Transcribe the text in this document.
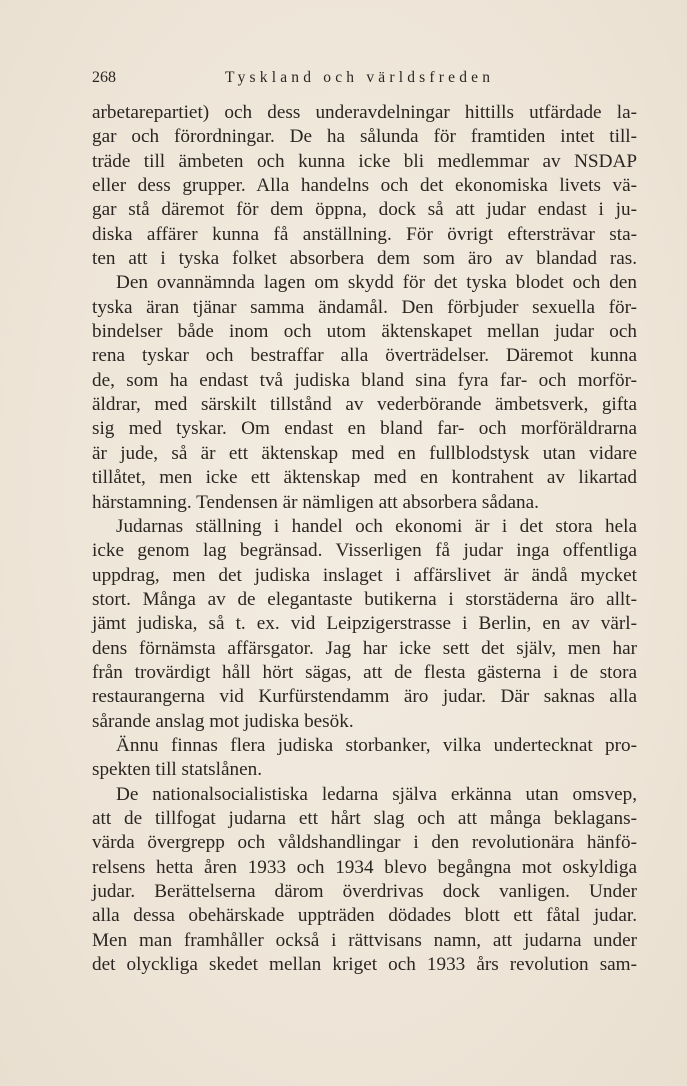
268	Tyskland och världsfreden
arbetarepartiet) och dess underavdelningar hittills utfärdade la-
gar och förordningar. De ha sålunda för framtiden intet till-
träde till ämbeten och kunna icke bli medlemmar av NSDAP
eller dess grupper. Alla handelns och det ekonomiska livets vä-
gar stå däremot för dem öppna, dock så att judar endast i ju-
diska affärer kunna få anställning. För övrigt eftersträvar sta-
ten att i tyska folket absorbera dem som äro av blandad ras.
Den ovannämnda lagen om skydd för det tyska blodet och den
tyska äran tjänar samma ändamål. Den förbjuder sexuella för-
bindelser både inom och utom äktenskapet mellan judar och
rena tyskar och bestraffar alla överträdelser. Däremot kunna
de, som ha endast två judiska bland sina fyra far- och morför-
äldrar, med särskilt tillstånd av vederbörande ämbetsverk, gifta
sig med tyskar. Om endast en bland far- och morföräldrarna
är jude, så är ett äktenskap med en fullblodstysk utan vidare
tillåtet, men icke ett äktenskap med en kontrahent av likartad
härstamning. Tendensen är nämligen att absorbera sådana.
Judarnas ställning i handel och ekonomi är i det stora hela
icke genom lag begränsad. Visserligen få judar inga offentliga
uppdrag, men det judiska inslaget i affärslivet är ändå mycket
stort. Många av de elegantaste butikerna i storstäderna äro allt-
jämt judiska, så t. ex. vid Leipzigerstrasse i Berlin, en av värl-
dens förnämsta affärsgator. Jag har icke sett det själv, men har
från trovärdigt håll hört sägas, att de flesta gästerna i de stora
restaurangerna vid Kurfürstendamm äro judar. Där saknas alla
sårande anslag mot judiska besök.
Ännu finnas flera judiska storbanker, vilka undertecknat pro-
spekten till statslånen.
De nationalsocialistiska ledarna själva erkänna utan omsvep,
att de tillfogat judarna ett hårt slag och att många beklagans-
värda övergrepp och våldshandlingar i den revolutionära hänfö-
relsens hetta åren 1933 och 1934 blevo begångna mot oskyldiga
judar. Berättelserna därom överdrivas dock vanligen. Under
alla dessa obehärskade uppträden dödades blott ett fåtal judar.
Men man framhåller också i rättvisans namn, att judarna under
det olyckliga skedet mellan kriget och 1933 års revolution sam-
